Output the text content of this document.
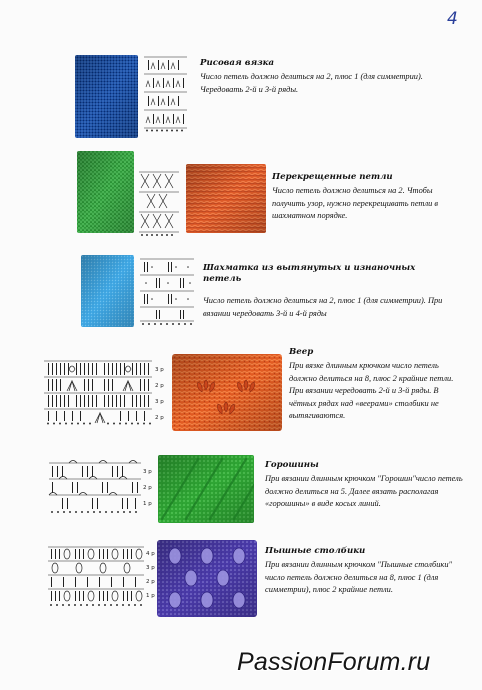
4

Рисовая вязка

Число петель должно делиться на 2, плюс 1 (для симметрии). Чередовать 2-й и 3-й ряды.

Перекрещенные петли

Число петель должно делиться на 2. Чтобы получить узор, нужно перекрещивать петли в шахматном порядке.

Шахматка из вытянутых и изнаночных петель

Число петель должно делиться на 2, плюс 1 (для симметрии). При вязании чередовать 3-й и 4-й ряды

3 р
2 р
3 р
2 р

Веер

При вязке длинным крючком число петель должно делиться на 8, плюс 2 крайние петли. При вязании чередовать 2-й и 3-й ряды. В чётных рядах над «веерами» столбики не вытягиваются.

3 р
2 р
1 р

Горошины

При вязании длинным крючком "Горошин"число петель должно делиться на 5. Далее вязать располагая «горошины» в виде косых линий.

4 р
3 р
2 р
1 р

Пышные столбики

При вязании длинным крючком "Пышные столбики" число петель должно делиться на 8, плюс 1 (для симметрии), плюс 2 крайние петли.

PassionForum.ru
